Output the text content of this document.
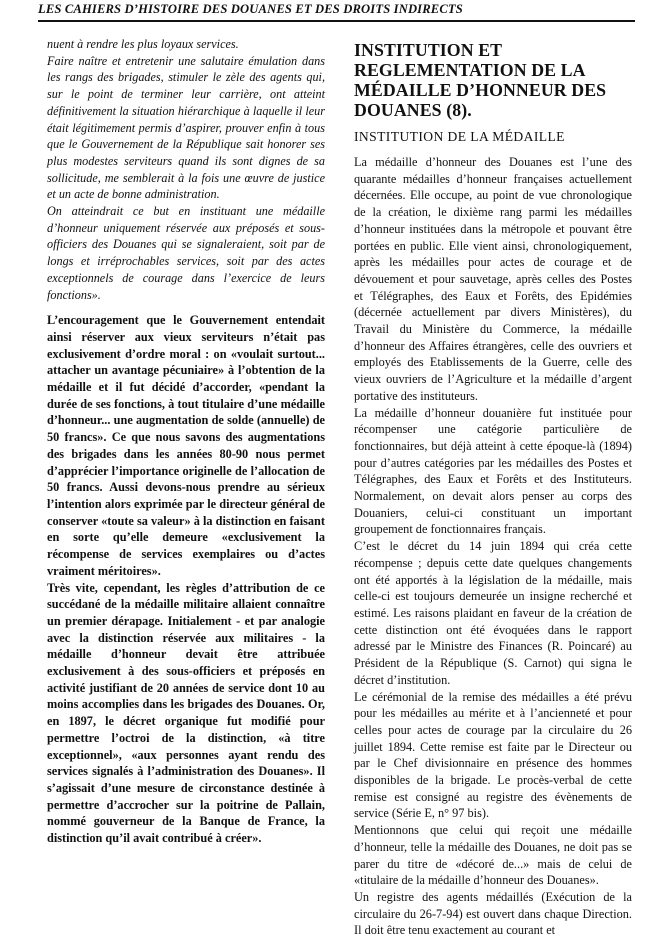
LES CAHIERS D’HISTOIRE DES DOUANES ET DES DROITS INDIRECTS

nuent à rendre les plus loyaux services.

Faire naître et entretenir une salutaire émulation dans les rangs des brigades, stimuler le zèle des agents qui, sur le point de terminer leur carrière, ont atteint définitivement la situation hiérarchique à laquelle il leur était légitimement permis d’aspirer, prouver enfin à tous que le Gouvernement de la République sait honorer ses plus modestes serviteurs quand ils sont dignes de sa sollicitude, me semblerait à la fois une œuvre de justice et un acte de bonne administration.

On atteindrait ce but en instituant une médaille d’honneur uniquement réservée aux préposés et sous-officiers des Douanes qui se signaleraient, soit par de longs et irréprochables services, soit par des actes exceptionnels de courage dans l’exercice de leurs fonctions».

L’encouragement que le Gouvernement entendait ainsi réserver aux vieux serviteurs n’était pas exclusivement d’ordre moral : on «voulait surtout... attacher un avantage pécuniaire» à l’obtention de la médaille et il fut décidé d’accorder, «pendant la durée de ses fonctions, à tout titulaire d’une médaille d’honneur... une augmentation de solde (annuelle) de 50 francs». Ce que nous savons des augmentations des brigades dans les années 80-90 nous permet d’apprécier l’importance originelle de l’allocation de 50 francs. Aussi devons-nous prendre au sérieux l’intention alors exprimée par le directeur général de conserver «toute sa valeur» à la distinction en faisant en sorte qu’elle demeure «exclusivement la récompense de services exemplaires ou d’actes vraiment méritoires».

Très vite, cependant, les règles d’attribution de ce succédané de la médaille militaire allaient connaître un premier dérapage. Initialement - et par analogie avec la distinction réservée aux militaires - la médaille d’honneur devait être attribuée exclusivement à des sous-officiers et préposés en activité justifiant de 20 années de service dont 10 au moins accomplies dans les brigades des Douanes. Or, en 1897, le décret organique fut modifié pour permettre l’octroi de la distinction, «à titre exceptionnel», «aux personnes ayant rendu des services signalés à l’administration des Douanes». Il s’agissait d’une mesure de circonstance destinée à permettre d’accrocher sur la poitrine de Pallain, nommé gouverneur de la Banque de France, la distinction qu’il avait contribué à créer».

INSTITUTION ET REGLEMENTATION DE LA MÉDAILLE D’HONNEUR DES DOUANES (8).
INSTITUTION DE LA MÉDAILLE

La médaille d’honneur des Douanes est l’une des quarante médailles d’honneur françaises actuellement décernées. Elle occupe, au point de vue chronologique de la création, le dixième rang parmi les médailles d’honneur instituées dans la métropole et pouvant être portées en public. Elle vient ainsi, chronologiquement, après les médailles pour actes de courage et de dévouement et pour sauvetage, après celles des Postes et Télégraphes, des Eaux et Forêts, des Epidémies (décernée actuellement par divers Ministères), du Travail du Ministère du Commerce, la médaille d’honneur des Affaires étrangères, celle des ouvriers et employés des Etablissements de la Guerre, celle des vieux ouvriers de l’Agriculture et la médaille d’argent portative des instituteurs.

La médaille d’honneur douanière fut instituée pour récompenser une catégorie particulière de fonctionnaires, but déjà atteint à cette époque-là (1894) pour d’autres catégories par les médailles des Postes et Télégraphes, des Eaux et Forêts et des Instituteurs. Normalement, on devait alors penser au corps des Douaniers, celui-ci constituant un important groupement de fonctionnaires français.

C’est le décret du 14 juin 1894 qui créa cette récompense ; depuis cette date quelques changements ont été apportés à la législation de la médaille, mais celle-ci est toujours demeurée un insigne recherché et estimé. Les raisons plaidant en faveur de la création de cette distinction ont été évoquées dans le rapport adressé par le Ministre des Finances (R. Poincaré) au Président de la République (S. Carnot) qui signa le décret d’institution.

Le cérémonial de la remise des médailles a été prévu pour les médailles au mérite et à l’ancienneté et pour celles pour actes de courage par la circulaire du 26 juillet 1894. Cette remise est faite par le Directeur ou par le Chef divisionnaire en présence des hommes disponibles de la brigade. Le procès-verbal de cette remise est consigné au registre des évènements de service (Série E, n° 97 bis).

Mentionnons que celui qui reçoit une médaille d’honneur, telle la médaille des Douanes, ne doit pas se parer du titre de «décoré de...» mais de celui de «titulaire de la médaille d’honneur des Douanes».

Un registre des agents médaillés (Exécution de la circulaire du 26-7-94) est ouvert dans chaque Direction. Il doit être tenu exactement au courant et
